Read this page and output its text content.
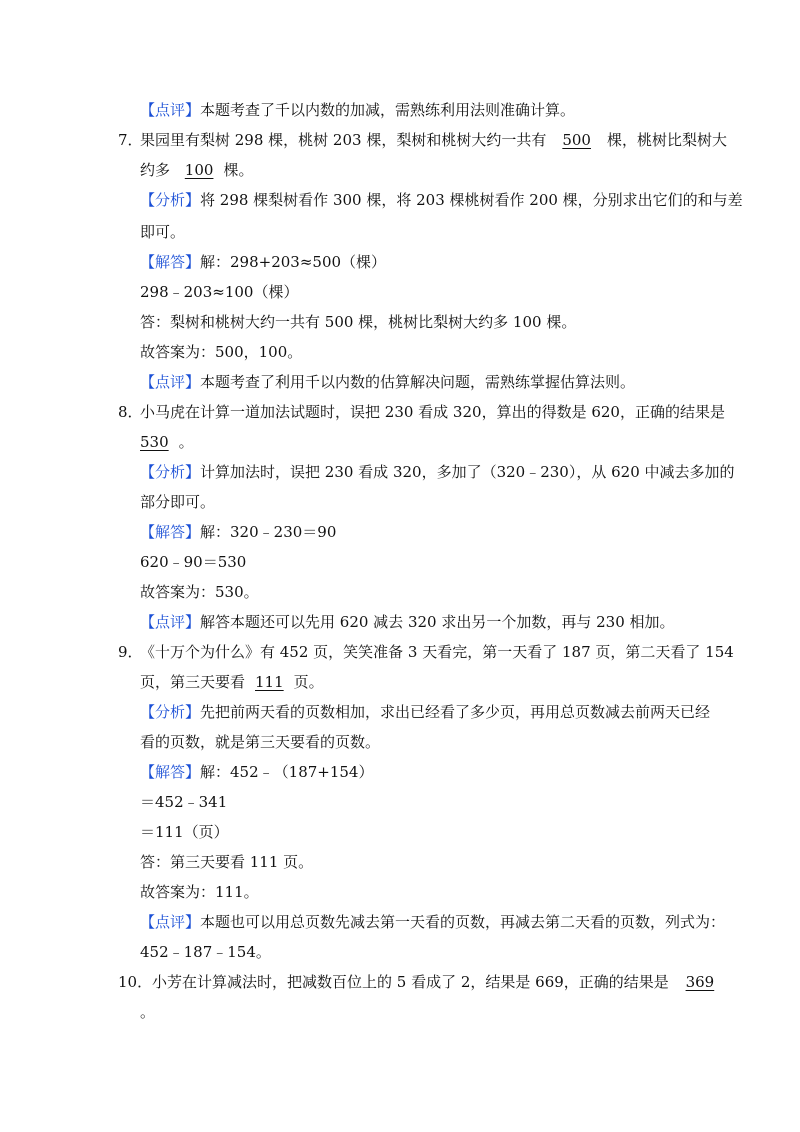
【点评】本题考查了千以内数的加减，需熟练利用法则准确计算。
7．
果园里有梨树 298 棵，桃树 203 棵，梨树和桃树大约一共有 500 棵，桃树比梨树大
约多 100 棵。
【分析】将 298 棵梨树看作 300 棵，将 203 棵桃树看作 200 棵，分别求出它们的和与差
即可。
【解答】解：298+203≈500（棵）
298﹣203≈100（棵）
答：梨树和桃树大约一共有 500 棵，桃树比梨树大约多 100 棵。
故答案为：500，100。
【点评】本题考查了利用千以内数的估算解决问题，需熟练掌握估算法则。
8．
小马虎在计算一道加法试题时，误把 230 看成 320，算出的得数是 620，正确的结果是
530 。
【分析】计算加法时，误把 230 看成 320，多加了（320﹣230），从 620 中减去多加的
部分即可。
【解答】解：320﹣230＝90
620﹣90＝530
故答案为：530。
【点评】解答本题还可以先用 620 减去 320 求出另一个加数，再与 230 相加。
9．
《十万个为什么》有 452 页，笑笑准备 3 天看完，第一天看了 187 页，第二天看了 154
页，第三天要看 111 页。
【分析】先把前两天看的页数相加，求出已经看了多少页，再用总页数减去前两天已经
看的页数，就是第三天要看的页数。
【解答】解：452﹣（187+154）
＝452﹣341
＝111（页）
答：第三天要看 111 页。
故答案为：111。
【点评】本题也可以用总页数先减去第一天看的页数，再减去第二天看的页数，列式为：
452﹣187﹣154。
10． 小芳在计算减法时，把减数百位上的 5 看成了 2，结果是 669，正确的结果是 369
。
